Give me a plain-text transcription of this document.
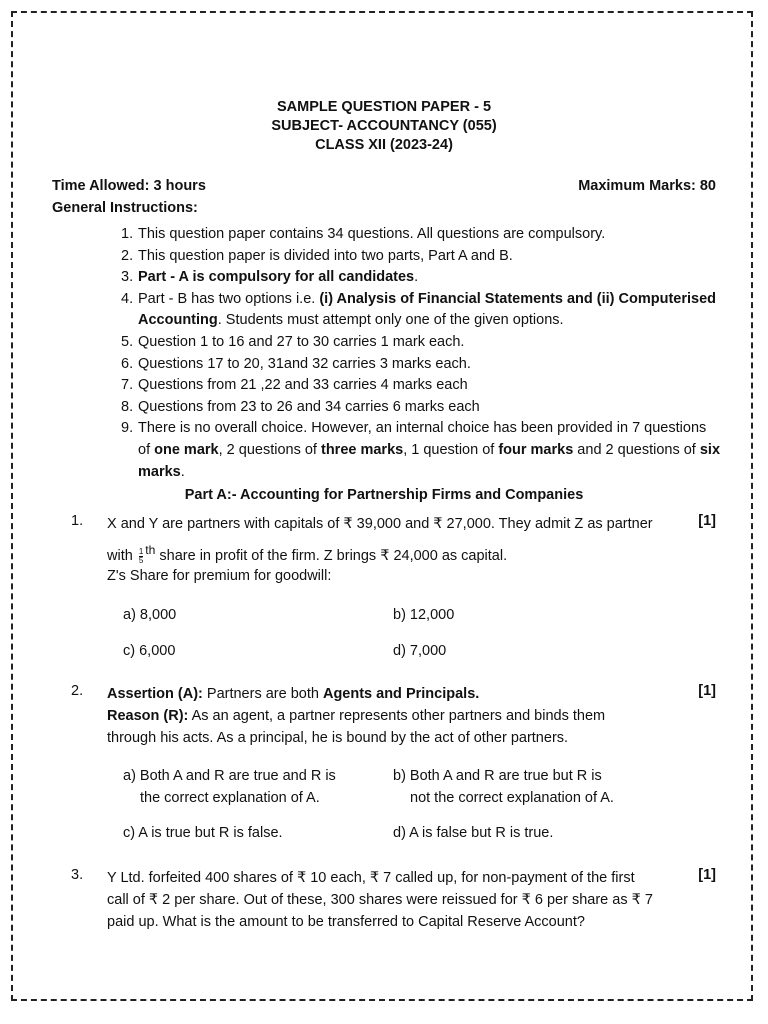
SAMPLE QUESTION PAPER - 5
SUBJECT- ACCOUNTANCY (055)
CLASS XII (2023-24)
Time Allowed: 3 hours	Maximum Marks: 80
General Instructions:
1. This question paper contains 34 questions. All questions are compulsory.
2. This question paper is divided into two parts, Part A and B.
3. Part - A is compulsory for all candidates.
4. Part - B has two options i.e. (i) Analysis of Financial Statements and (ii) Computerised Accounting. Students must attempt only one of the given options.
5. Question 1 to 16 and 27 to 30 carries 1 mark each.
6. Questions 17 to 20, 31and 32 carries 3 marks each.
7. Questions from 21 ,22 and 33 carries 4 marks each
8. Questions from 23 to 26 and 34 carries 6 marks each
9. There is no overall choice. However, an internal choice has been provided in 7 questions of one mark, 2 questions of three marks, 1 question of four marks and 2 questions of six marks.
Part A:- Accounting for Partnership Firms and Companies
1.	[1]
X and Y are partners with capitals of ₹ 39,000 and ₹ 27,000. They admit Z as partner
with $\frac{1}{5} ^{th}$ share in profit of the firm. Z brings ₹ 24,000 as capital.
Z's Share for premium for goodwill:
a) 8,000	b) 12,000
c) 6,000	d) 7,000
2.	[1]
Assertion (A): Partners are both Agents and Principals.
Reason (R): As an agent, a partner represents other partners and binds them
through his acts. As a principal, he is bound by the act of other partners.
a) Both A and R are true and R is
the correct explanation of A.
b) Both A and R are true but R is
not the correct explanation of A.
c) A is true but R is false.	d) A is false but R is true.
3.	[1]
Y Ltd. forfeited 400 shares of ₹ 10 each, ₹ 7 called up, for non-payment of the first
call of ₹ 2 per share. Out of these, 300 shares were reissued for ₹ 6 per share as ₹ 7
paid up. What is the amount to be transferred to Capital Reserve Account?
